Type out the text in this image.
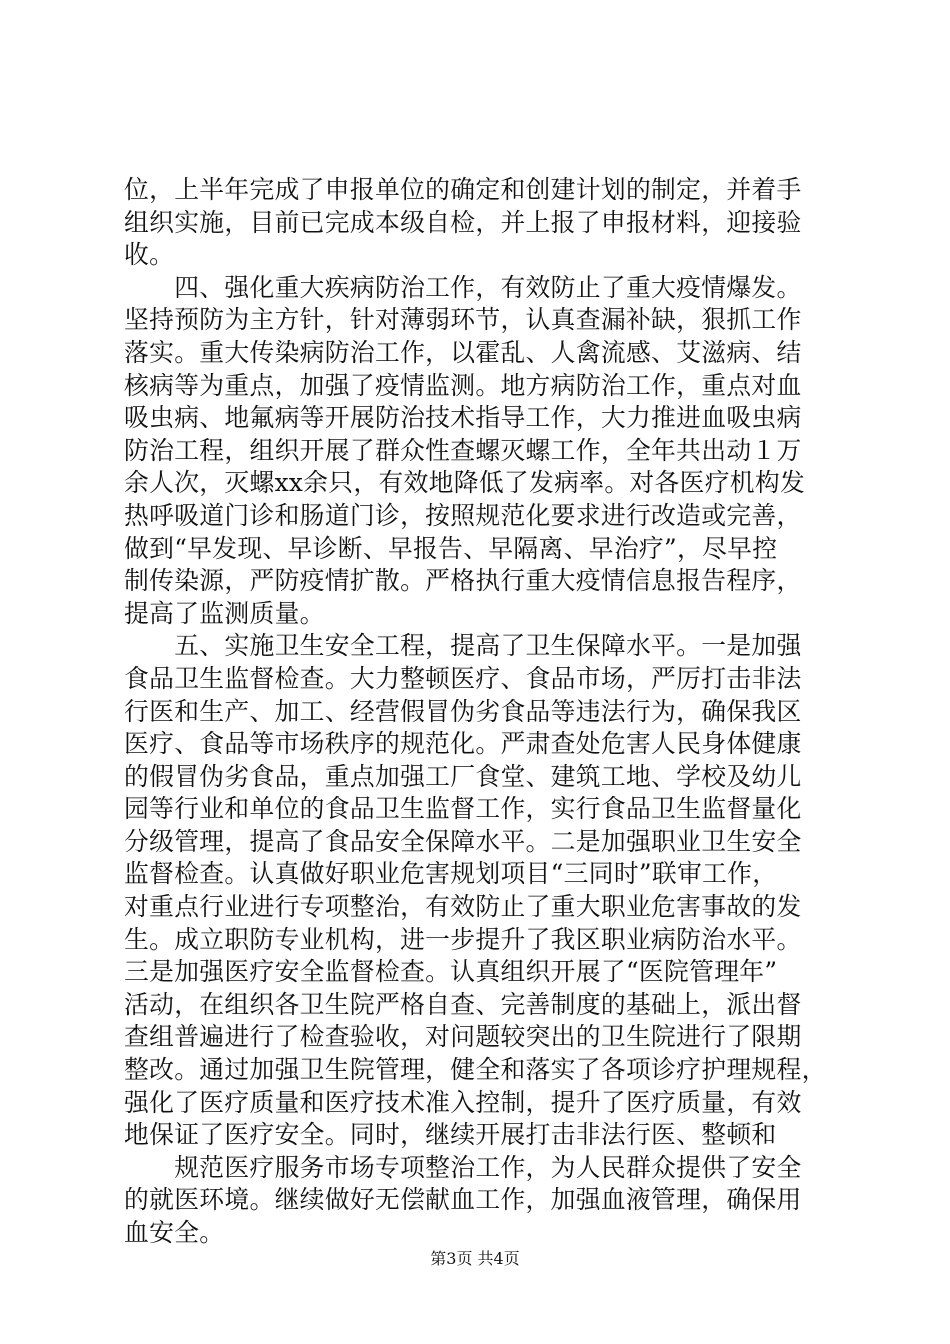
位，上半年完成了申报单位的确定和创建计划的制定，并着手
组织实施，目前已完成本级自检，并上报了申报材料，迎接验
收。
　　四、强化重大疾病防治工作，有效防止了重大疫情爆发。
坚持预防为主方针，针对薄弱环节，认真查漏补缺，狠抓工作
落实。重大传染病防治工作，以霍乱、人禽流感、艾滋病、结
核病等为重点，加强了疫情监测。地方病防治工作，重点对血
吸虫病、地氟病等开展防治技术指导工作，大力推进血吸虫病
防治工程，组织开展了群众性查螺灭螺工作，全年共出动１万
余人次，灭螺xx余只，有效地降低了发病率。对各医疗机构发
热呼吸道门诊和肠道门诊，按照规范化要求进行改造或完善，
做到“早发现、早诊断、早报告、早隔离、早治疗”，尽早控
制传染源，严防疫情扩散。严格执行重大疫情信息报告程序，
提高了监测质量。
　　五、实施卫生安全工程，提高了卫生保障水平。一是加强
食品卫生监督检查。大力整顿医疗、食品市场，严厉打击非法
行医和生产、加工、经营假冒伪劣食品等违法行为，确保我区
医疗、食品等市场秩序的规范化。严肃查处危害人民身体健康
的假冒伪劣食品，重点加强工厂食堂、建筑工地、学校及幼儿
园等行业和单位的食品卫生监督工作，实行食品卫生监督量化
分级管理，提高了食品安全保障水平。二是加强职业卫生安全
监督检查。认真做好职业危害规划项目“三同时”联审工作，
对重点行业进行专项整治，有效防止了重大职业危害事故的发
生。成立职防专业机构，进一步提升了我区职业病防治水平。
三是加强医疗安全监督检查。认真组织开展了“医院管理年”
活动，在组织各卫生院严格自查、完善制度的基础上，派出督
查组普遍进行了检查验收，对问题较突出的卫生院进行了限期
整改。通过加强卫生院管理，健全和落实了各项诊疗护理规程，
强化了医疗质量和医疗技术准入控制，提升了医疗质量，有效
地保证了医疗安全。同时，继续开展打击非法行医、整顿和
　　规范医疗服务市场专项整治工作，为人民群众提供了安全
的就医环境。继续做好无偿献血工作，加强血液管理，确保用
血安全。
第3页 共4页
